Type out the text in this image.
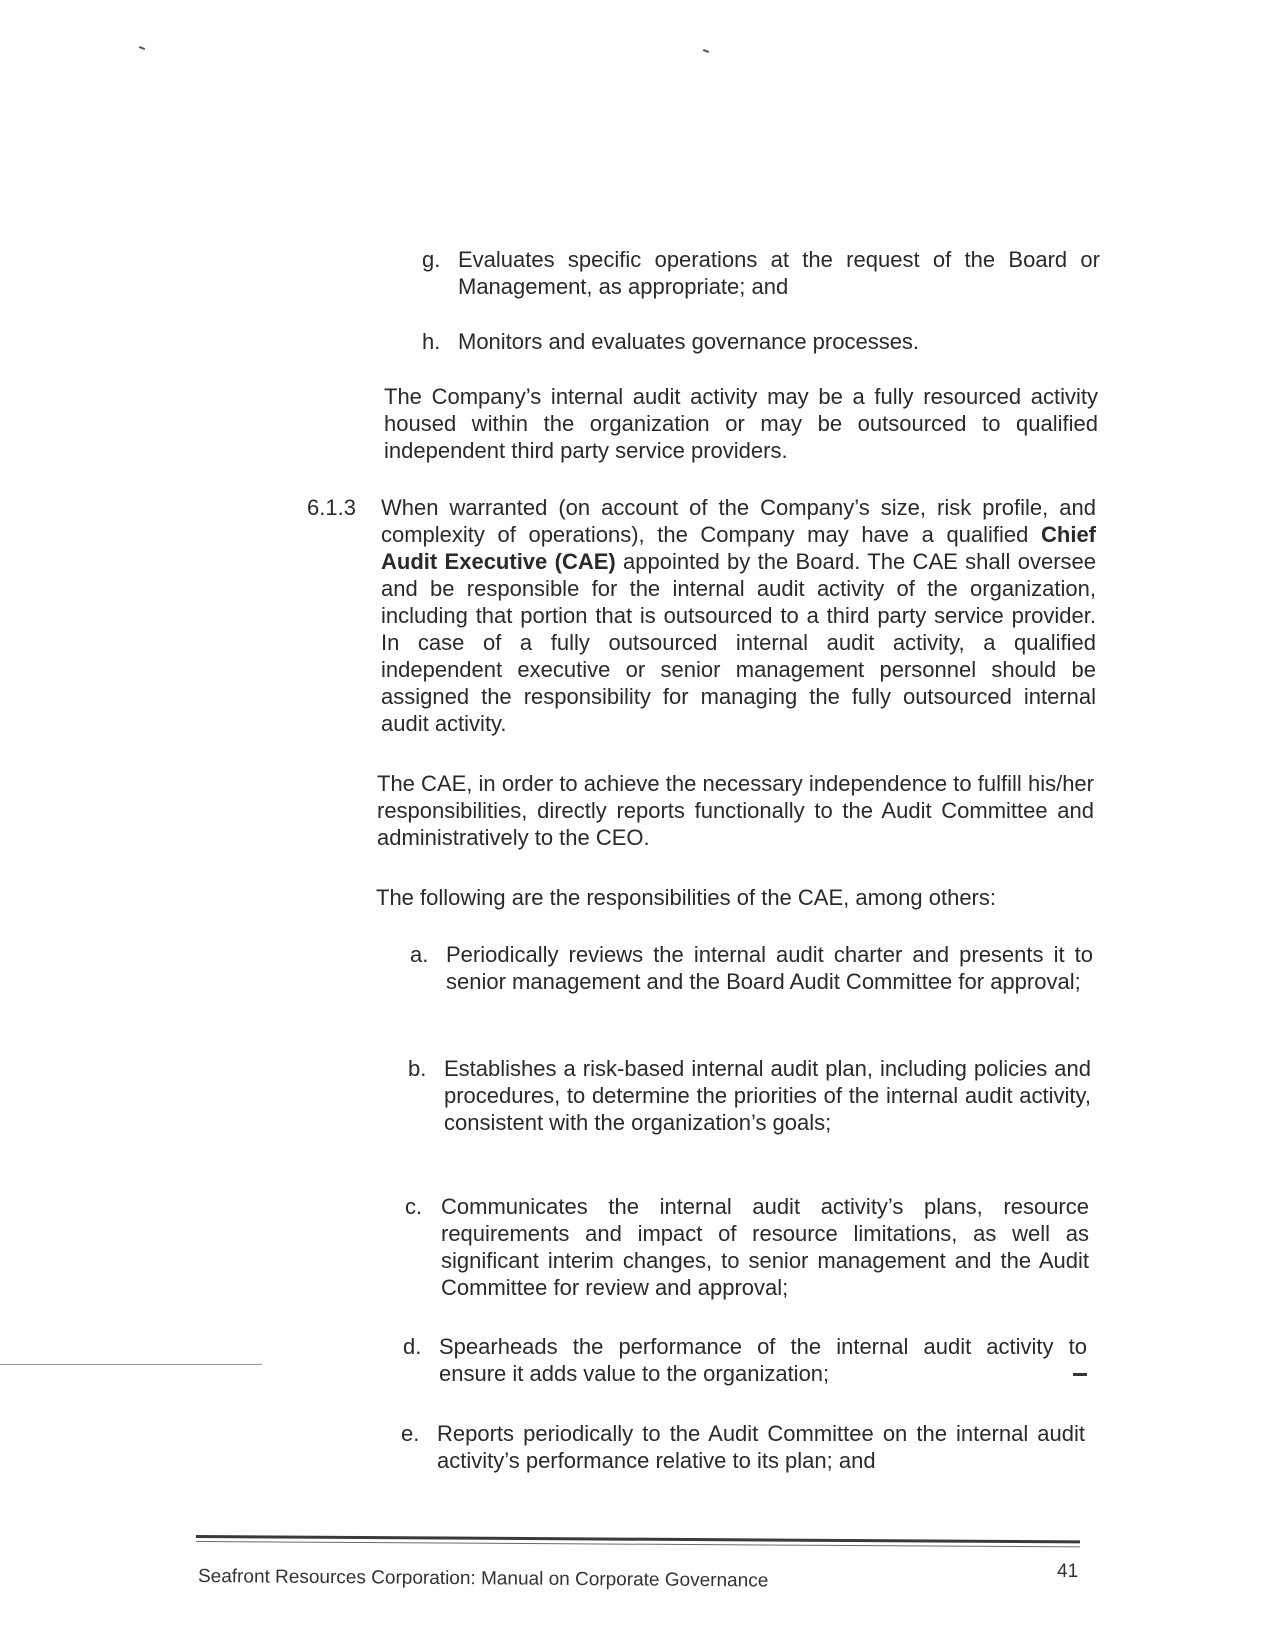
g. Evaluates specific operations at the request of the Board or Management, as appropriate; and
h. Monitors and evaluates governance processes.

The Company’s internal audit activity may be a fully resourced activity housed within the organization or may be outsourced to qualified independent third party service providers.

6.1.3 When warranted (on account of the Company’s size, risk profile, and complexity of operations), the Company may have a qualified Chief Audit Executive (CAE) appointed by the Board. The CAE shall oversee and be responsible for the internal audit activity of the organization, including that portion that is outsourced to a third party service provider. In case of a fully outsourced internal audit activity, a qualified independent executive or senior management personnel should be assigned the responsibility for managing the fully outsourced internal audit activity.

The CAE, in order to achieve the necessary independence to fulfill his/her responsibilities, directly reports functionally to the Audit Committee and administratively to the CEO.

The following are the responsibilities of the CAE, among others:

a. Periodically reviews the internal audit charter and presents it to senior management and the Board Audit Committee for approval;
b. Establishes a risk-based internal audit plan, including policies and procedures, to determine the priorities of the internal audit activity, consistent with the organization’s goals;
c. Communicates the internal audit activity’s plans, resource requirements and impact of resource limitations, as well as significant interim changes, to senior management and the Audit Committee for review and approval;
d. Spearheads the performance of the internal audit activity to ensure it adds value to the organization;
e. Reports periodically to the Audit Committee on the internal audit activity’s performance relative to its plan; and
Seafront Resources Corporation: Manual on Corporate Governance	41
